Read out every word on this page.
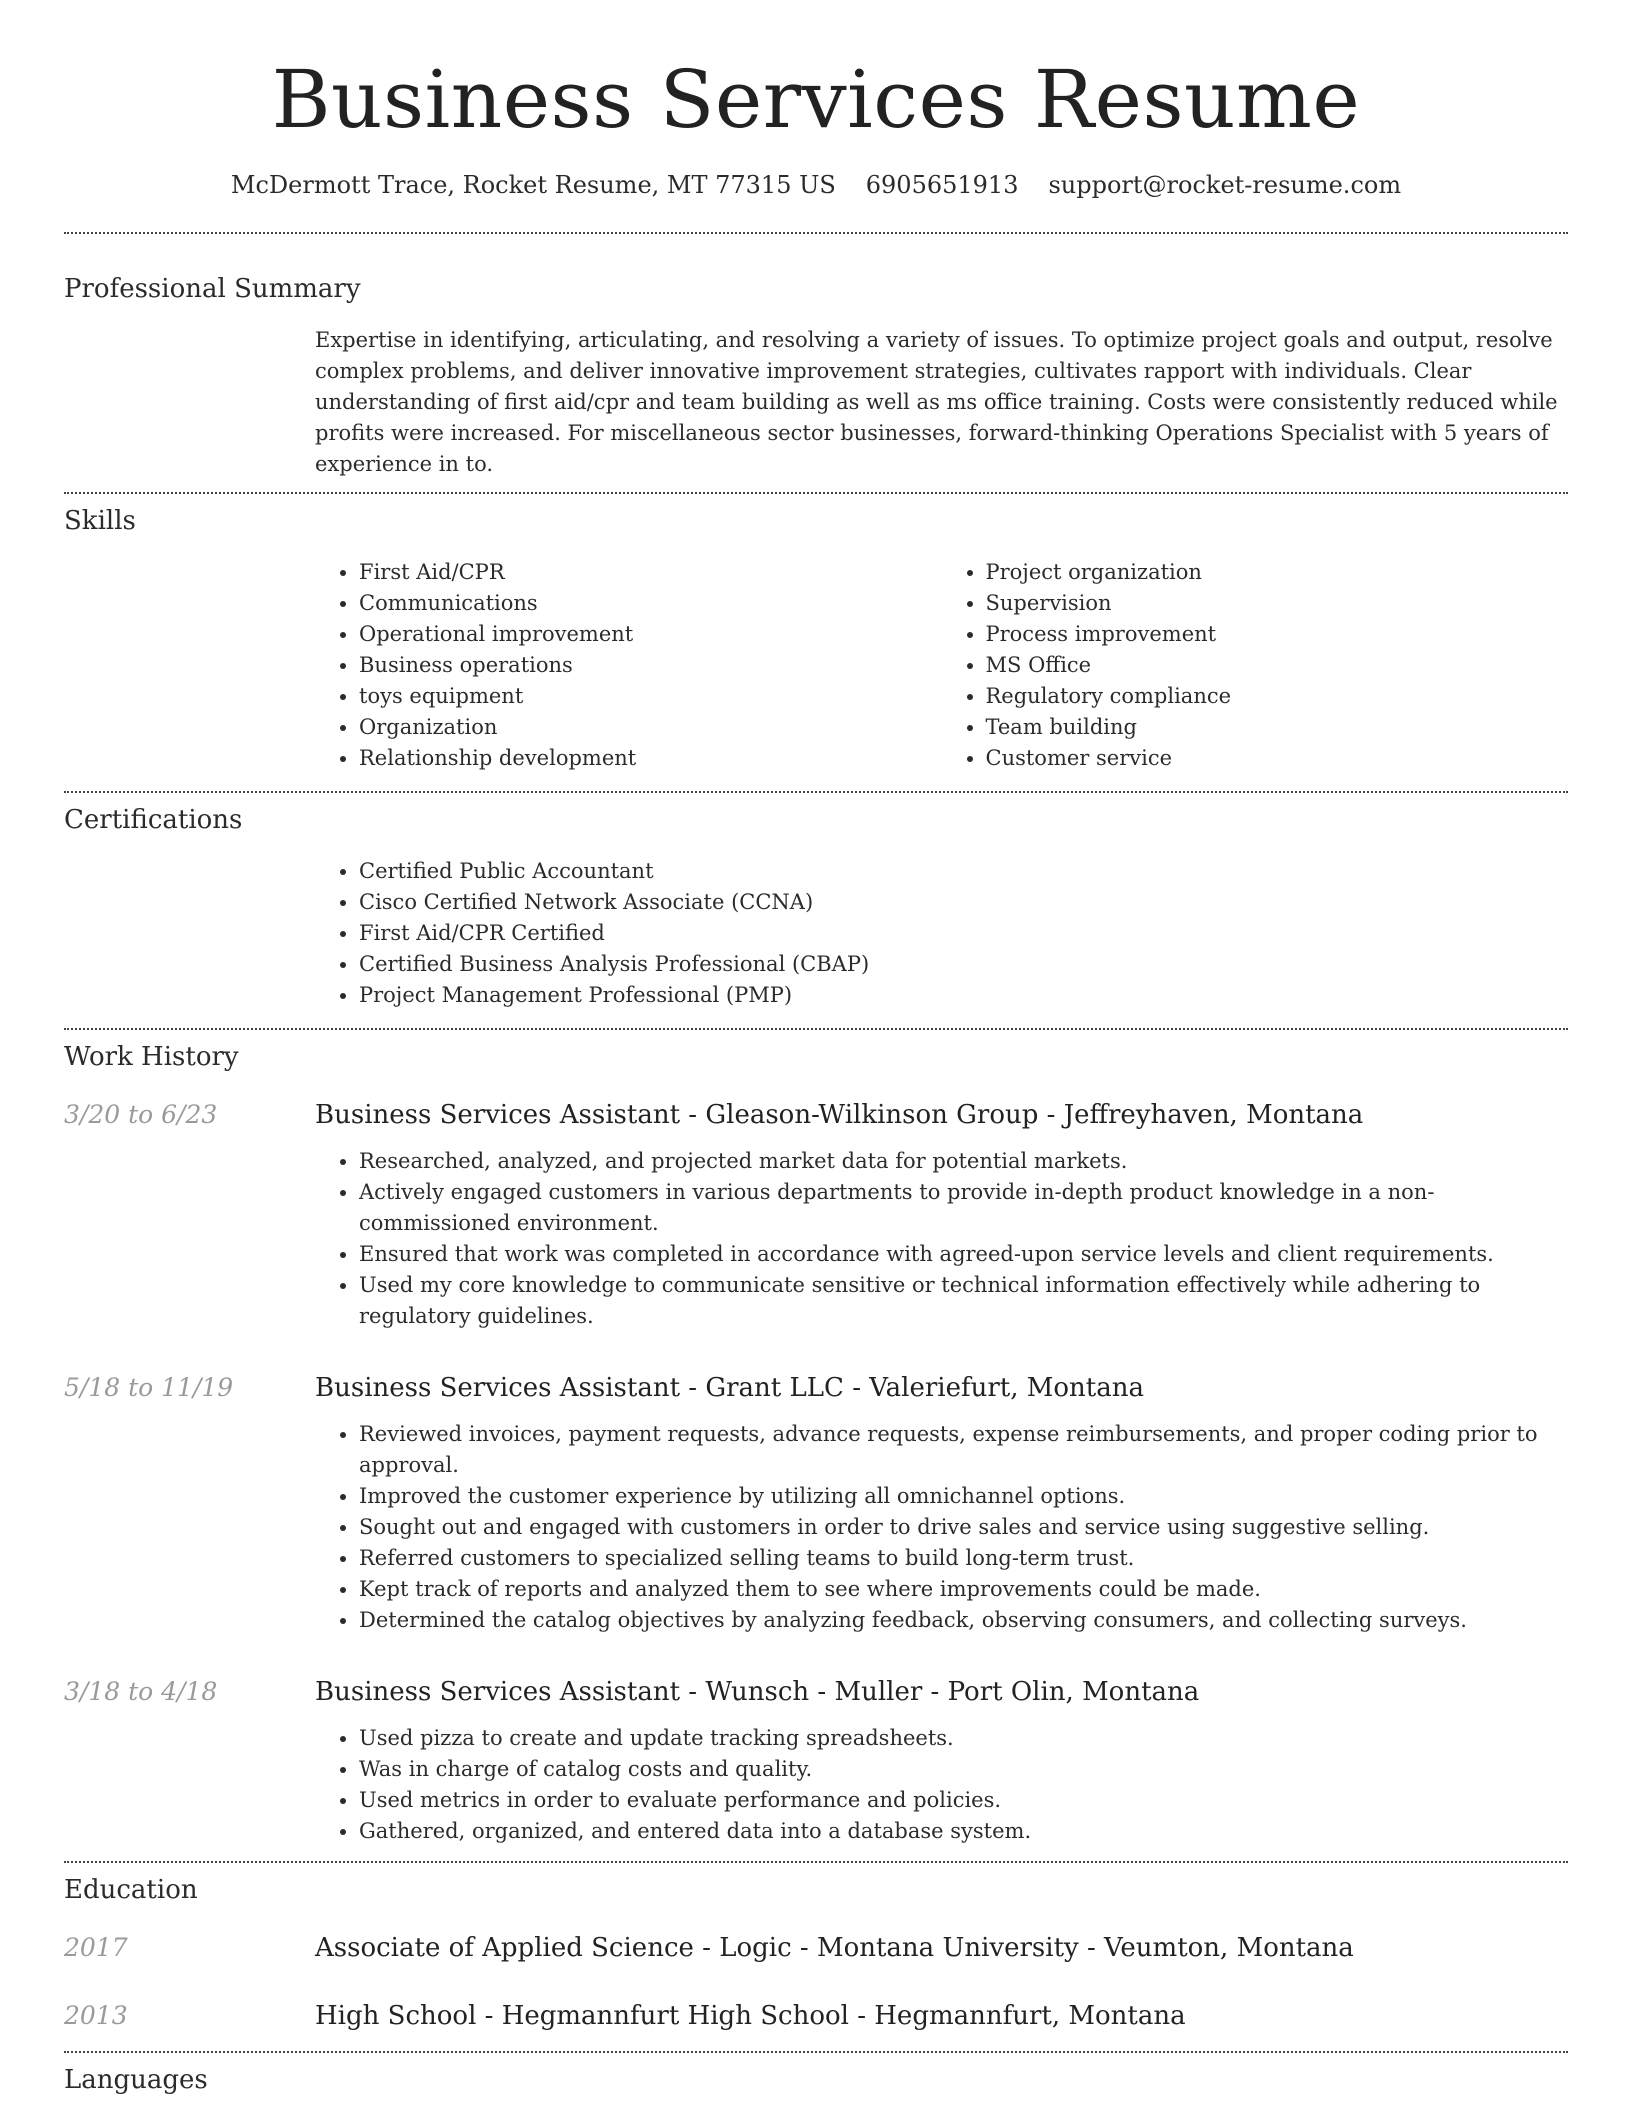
Business Services Resume
McDermott Trace, Rocket Resume, MT 77315 US 6905651913 support@rocket-resume.com
Professional Summary

Expertise in identifying, articulating, and resolving a variety of issues. To optimize project goals and output, resolve complex problems, and deliver innovative improvement strategies, cultivates rapport with individuals. Clear understanding of first aid/cpr and team building as well as ms office training. Costs were consistently reduced while profits were increased. For miscellaneous sector businesses, forward-thinking Operations Specialist with 5 years of experience in to.

Skills
• First Aid/CPR
• Communications
• Operational improvement
• Business operations
• toys equipment
• Organization
• Relationship development
• Project organization
• Supervision
• Process improvement
• MS Office
• Regulatory compliance
• Team building
• Customer service
Certifications
• Certified Public Accountant
• Cisco Certified Network Associate (CCNA)
• First Aid/CPR Certified
• Certified Business Analysis Professional (CBAP)
• Project Management Professional (PMP)
Work History
3/20 to 6/23	Business Services Assistant - Gleason-Wilkinson Group - Jeffreyhaven, Montana
• Researched, analyzed, and projected market data for potential markets.
• Actively engaged customers in various departments to provide in-depth product knowledge in a non-commissioned environment.
• Ensured that work was completed in accordance with agreed-upon service levels and client requirements.
• Used my core knowledge to communicate sensitive or technical information effectively while adhering to regulatory guidelines.
5/18 to 11/19	Business Services Assistant - Grant LLC - Valeriefurt, Montana
• Reviewed invoices, payment requests, advance requests, expense reimbursements, and proper coding prior to approval.
• Improved the customer experience by utilizing all omnichannel options.
• Sought out and engaged with customers in order to drive sales and service using suggestive selling.
• Referred customers to specialized selling teams to build long-term trust.
• Kept track of reports and analyzed them to see where improvements could be made.
• Determined the catalog objectives by analyzing feedback, observing consumers, and collecting surveys.
3/18 to 4/18	Business Services Assistant - Wunsch - Muller - Port Olin, Montana
• Used pizza to create and update tracking spreadsheets.
• Was in charge of catalog costs and quality.
• Used metrics in order to evaluate performance and policies.
• Gathered, organized, and entered data into a database system.
Education
2017	Associate of Applied Science - Logic - Montana University - Veumton, Montana
2013	High School - Hegmannfurt High School - Hegmannfurt, Montana
Languages
